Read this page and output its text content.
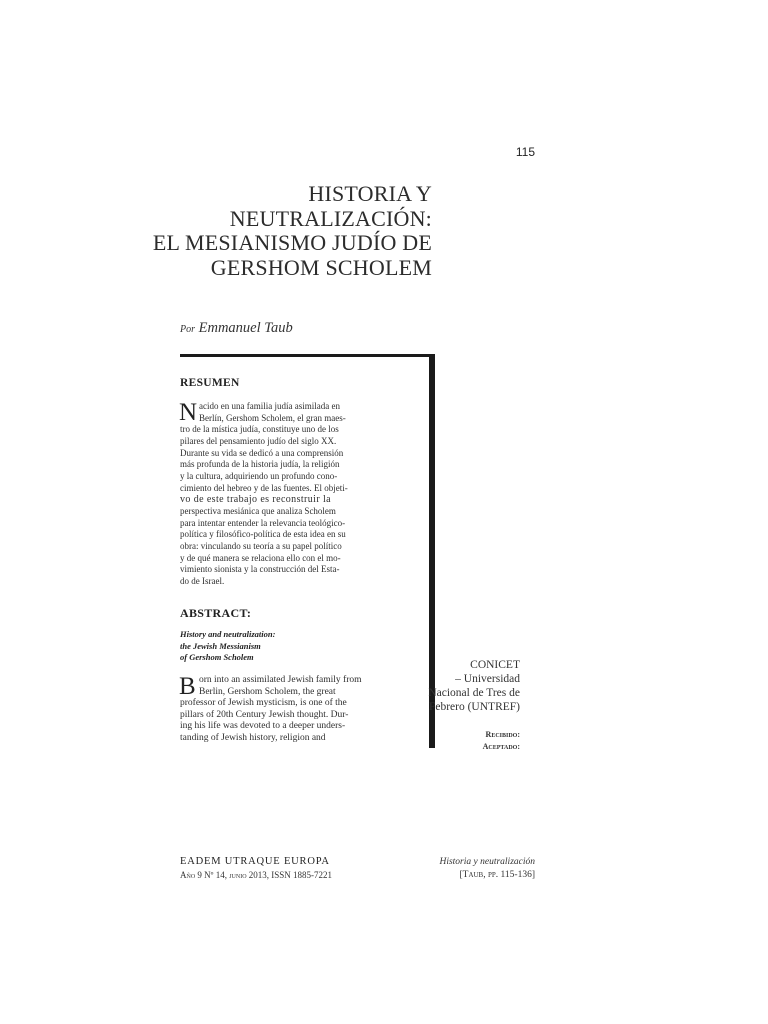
115
HISTORIA Y
NEUTRALIZACIÓN:
EL MESIANISMO JUDÍO DE
GERSHOM SCHOLEM
Por Emmanuel Taub
RESUMEN
N acido en una familia judía asimilada en
Berlín, Gershom Scholem, el gran maes-
tro de la mística judía, constituye uno de los
pilares del pensamiento judío del siglo XX.
Durante su vida se dedicó a una comprensión
más profunda de la historia judía, la religión
y la cultura, adquiriendo un profundo cono-
cimiento del hebreo y de las fuentes. El objeti-
vo de este trabajo es reconstruir la
perspectiva mesiánica que analiza Scholem
para intentar entender la relevancia teológico-
política y filosófico-política de esta idea en su
obra: vinculando su teoría a su papel político
y de qué manera se relaciona ello con el mo-
vimiento sionista y la construcción del Esta-
do de Israel.
ABSTRACT:
History and neutralization:
the Jewish Messianism
of Gershom Scholem
B orn into an assimilated Jewish family from
Berlin, Gershom Scholem, the great
professor of Jewish mysticism, is one of the
pillars of 20th Century Jewish thought. Dur-
ing his life was devoted to a deeper unders-
tanding of Jewish history, religion and
CONICET
– Universidad
Nacional de Tres de
Febrero (UNTREF)
Recibido:
Aceptado:
EADEM UTRAQUE EUROPA
Año 9 Nº 14, junio 2013, ISSN 1885-7221
Historia y neutralización
[Taub, pp. 115-136]
